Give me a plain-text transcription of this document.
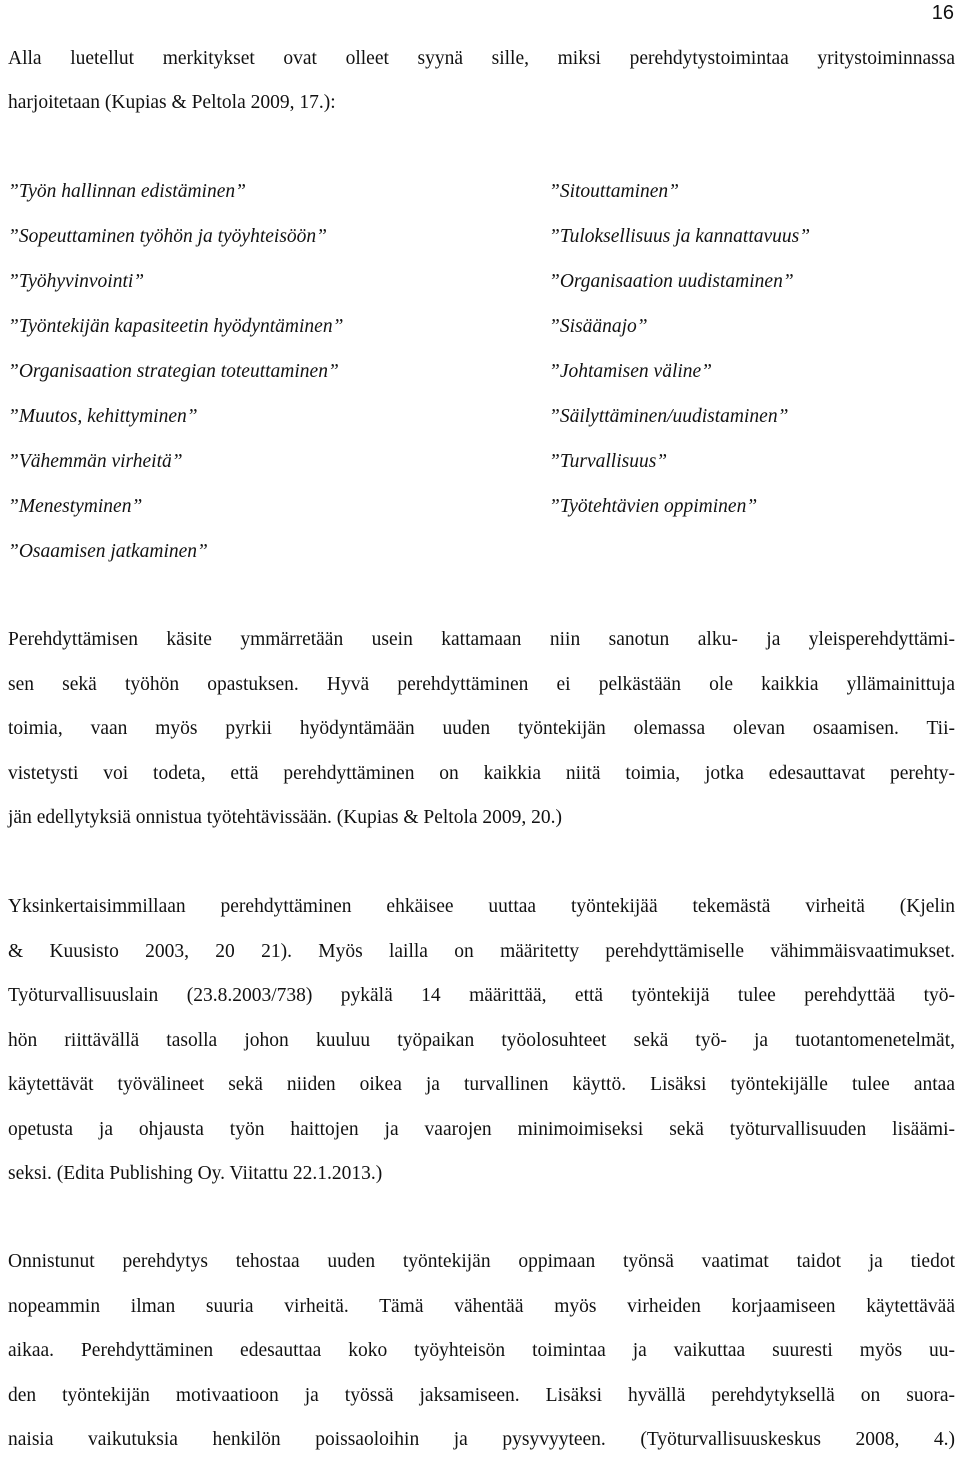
16

Alla luetellut merkitykset ovat olleet syynä sille, miksi perehdytystoimintaa yritystoiminnassa
harjoitetaan (Kupias & Peltola 2009, 17.):

”Työn hallinnan edistäminen”
”Sopeuttaminen työhön ja työyhteisöön”
”Työhyvinvointi”
”Työntekijän kapasiteetin hyödyntäminen”
”Organisaation strategian toteuttaminen”
”Muutos, kehittyminen”
”Vähemmän virheitä”
”Menestyminen”
”Osaamisen jatkaminen”
”Sitouttaminen”
”Tuloksellisuus ja kannattavuus”
”Organisaation uudistaminen”
”Sisäänajo”
”Johtamisen väline”
”Säilyttäminen/uudistaminen”
”Turvallisuus”
”Työtehtävien oppiminen”

Perehdyttämisen käsite ymmärretään usein kattamaan niin sanotun alku- ja yleisperehdyttämi-
sen sekä työhön opastuksen. Hyvä perehdyttäminen ei pelkästään ole kaikkia yllämainittuja
toimia, vaan myös pyrkii hyödyntämään uuden työntekijän olemassa olevan osaamisen. Tii-
vistetysti voi todeta, että perehdyttäminen on kaikkia niitä toimia, jotka edesauttavat perehty-
jän edellytyksiä onnistua työtehtävissään. (Kupias & Peltola 2009, 20.)

Yksinkertaisimmillaan perehdyttäminen ehkäisee uuttaa työntekijää tekemästä virheitä (Kjelin
& Kuusisto 2003, 20 21). Myös lailla on määritetty perehdyttämiselle vähimmäisvaatimukset.
Työturvallisuuslain (23.8.2003/738) pykälä 14 määrittää, että työntekijä tulee perehdyttää työ-
hön riittävällä tasolla johon kuuluu työpaikan työolosuhteet sekä työ- ja tuotantomenetelmät,
käytettävät työvälineet sekä niiden oikea ja turvallinen käyttö. Lisäksi työntekijälle tulee antaa
opetusta ja ohjausta työn haittojen ja vaarojen minimoimiseksi sekä työturvallisuuden lisäämi-
seksi. (Edita Publishing Oy. Viitattu 22.1.2013.)

Onnistunut perehdytys tehostaa uuden työntekijän oppimaan työnsä vaatimat taidot ja tiedot
nopeammin ilman suuria virheitä. Tämä vähentää myös virheiden korjaamiseen käytettävää
aikaa. Perehdyttäminen edesauttaa koko työyhteisön toimintaa ja vaikuttaa suuresti myös uu-
den työntekijän motivaatioon ja työssä jaksamiseen. Lisäksi hyvällä perehdytyksellä on suora-
naisia vaikutuksia henkilön poissaoloihin ja pysyvyyteen. (Työturvallisuuskeskus 2008, 4.)
